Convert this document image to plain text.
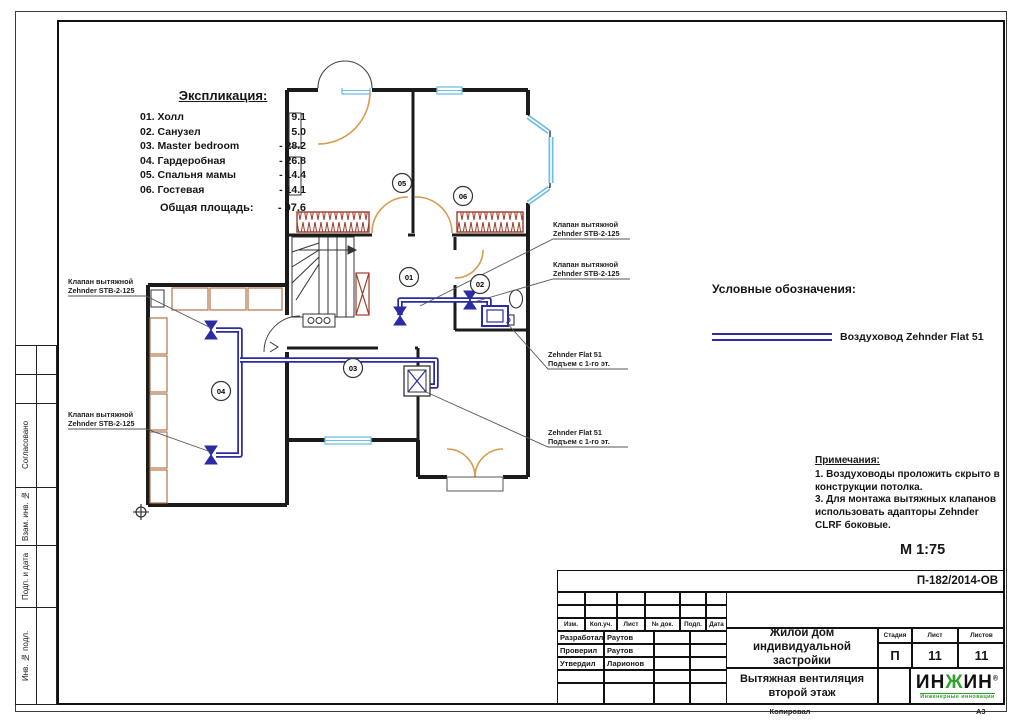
Согласовано
Взам. инв. №
Подп. и дата
Инв. № подл.
Клапан вытяжной
Zehnder STB-2-125
Клапан вытяжной
Zehnder STB-2-125
Клапан вытяжной
Zehnder STB-2-125
Клапан вытяжной
Zehnder STB-2-125
Zehnder Flat 51
Подъем с 1-го эт.
Zehnder Flat 51
Подъем с 1-го эт.
01
02
03
04
05
06
Экспликация:
01. Холл	- 9.1
02. Санузел	- 5.0
03. Master bedroom	- 28.2
04. Гардеробная	- 26.8
05. Спальня мамы	- 14.4
06. Гостевая	- 14.1
Общая площадь: - 97.6
Условные обозначения:
Воздуховод Zehnder Flat 51
Примечания:
1. Воздуховоды проложить скрыто в конструкции потолка.
3. Для монтажа вытяжных клапанов использовать адапторы Zehnder CLRF боковые.
М 1:75
П-182/2014-ОВ
Изм.	Кол.уч.	Лист	№ док.	Подп.	Дата
Разработал Раутов
Проверил	Раутов
Утвердил	Ларионов
Жилой дом индивидуальной застройки
Стадия	Лист	Листов
П	11	11
Вытяжная вентиляция
второй этаж	ИНЖИН®
Инженерные инновации
Копировал	А3
